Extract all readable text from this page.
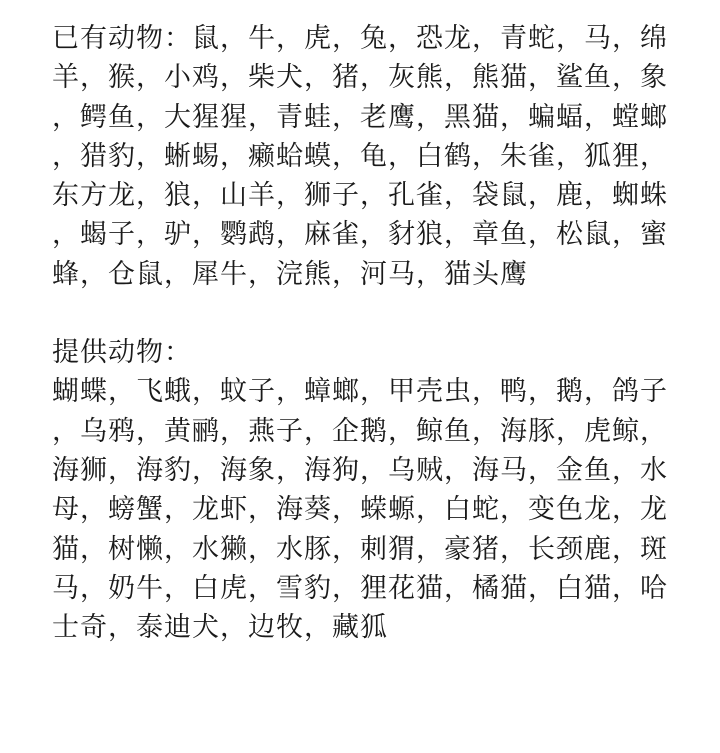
已有动物：鼠，牛，虎，兔，恐龙，青蛇，马，绵羊，猴，小鸡，柴犬，猪，灰熊，熊猫，鲨鱼，象，鳄鱼，大猩猩，青蛙，老鹰，黑猫，蝙蝠，螳螂，猎豹，蜥蜴，癞蛤蟆，龟，白鹤，朱雀，狐狸，东方龙，狼，山羊，狮子，孔雀，袋鼠，鹿，蜘蛛，蝎子，驴，鹦鹉，麻雀，豺狼，章鱼，松鼠，蜜蜂，仓鼠，犀牛，浣熊，河马，猫头鹰

提供动物：

蝴蝶，飞蛾，蚊子，蟑螂，甲壳虫，鸭，鹅，鸽子，乌鸦，黄鹂，燕子，企鹅，鲸鱼，海豚，虎鲸，海狮，海豹，海象，海狗，乌贼，海马，金鱼，水母，螃蟹，龙虾，海葵，蝾螈，白蛇，变色龙，龙猫，树懒，水獭，水豚，刺猬，豪猪，长颈鹿，斑马，奶牛，白虎，雪豹，狸花猫，橘猫，白猫，哈士奇，泰迪犬，边牧，藏狐
